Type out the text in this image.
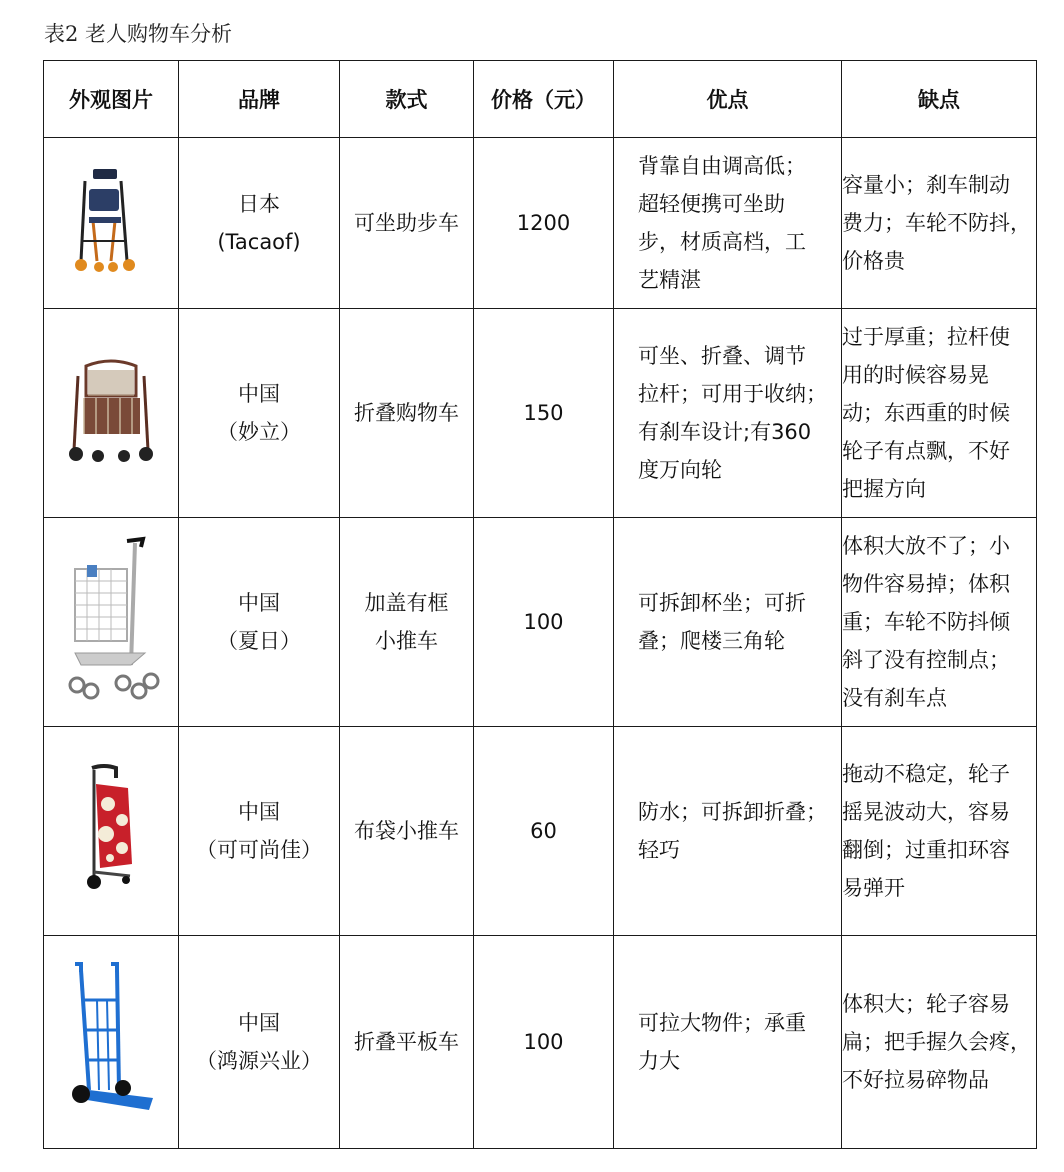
表2 老人购物车分析
外观图片	品牌	款式	价格（元）	优点	缺点

日本
(Tacaof)	可坐助步车	1200	背靠自由调高低；
超轻便携可坐助
步，材质高档，工
艺精湛	容量小；刹车制动
费力；车轮不防抖，
价格贵

中国
（妙立）	折叠购物车	150	可坐、折叠、调节
拉杆；可用于收纳；
有刹车设计;有360
度万向轮	过于厚重；拉杆使
用的时候容易晃
动；东西重的时候
轮子有点飘，不好
把握方向

中国
（夏日）	加盖有框
小推车	100	可拆卸杯坐；可折
叠；爬楼三角轮	体积大放不了；小
物件容易掉；体积
重；车轮不防抖倾
斜了没有控制点；
没有刹车点

中国
（可可尚佳）	布袋小推车	60	防水；可拆卸折叠；
轻巧	拖动不稳定，轮子
摇晃波动大，容易
翻倒；过重扣环容
易弹开

中国
（鸿源兴业）	折叠平板车	100	可拉大物件；承重
力大	体积大；轮子容易
扁；把手握久会疼，
不好拉易碎物品
